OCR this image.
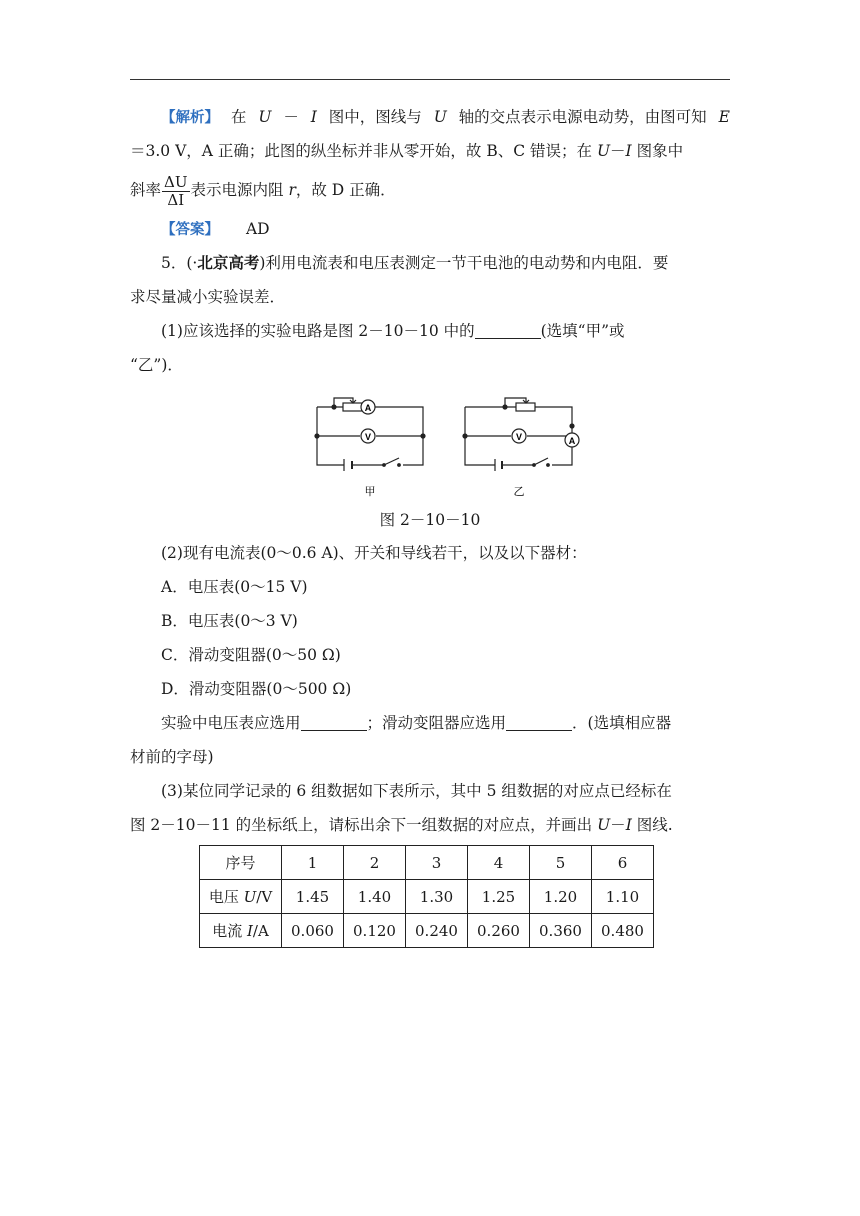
【解析】 在 U － I 图中，图线与 U 轴的交点表示电源电动势，由图可知 E
＝3.0 V，A 正确；此图的纵坐标并非从零开始，故 B、C 错误；在 U－I 图象中
斜率 $\frac{\Delta U}{\Delta I}$ 表示电源内阻 r，故 D 正确．
【答案】 AD
5．(·北京高考)利用电流表和电压表测定一节干电池的电动势和内电阻．要
求尽量减小实验误差．
(1)应该选择的实验电路是图 2－10－10 中的	(选填“甲”或
“乙”)．
A
V
甲
V	A
乙
图 2－10－10
(2)现有电流表(0～0.6 A)、开关和导线若干，以及以下器材：
A．电压表(0～15 V)
B．电压表(0～3 V)
C．滑动变阻器(0～50 Ω)
D．滑动变阻器(0～500 Ω)
实验中电压表应选用	；滑动变阻器应选用	．(选填相应器
材前的字母)
(3)某位同学记录的 6 组数据如下表所示，其中 5 组数据的对应点已经标在
图 2－10－11 的坐标纸上，请标出余下一组数据的对应点，并画出 U－I 图线.
序号	1	2	3	4	5	6
电压 U/V	1.45	1.40	1.30	1.25	1.20	1.10
电流 I/A	0.060	0.120	0.240	0.260	0.360	0.480
